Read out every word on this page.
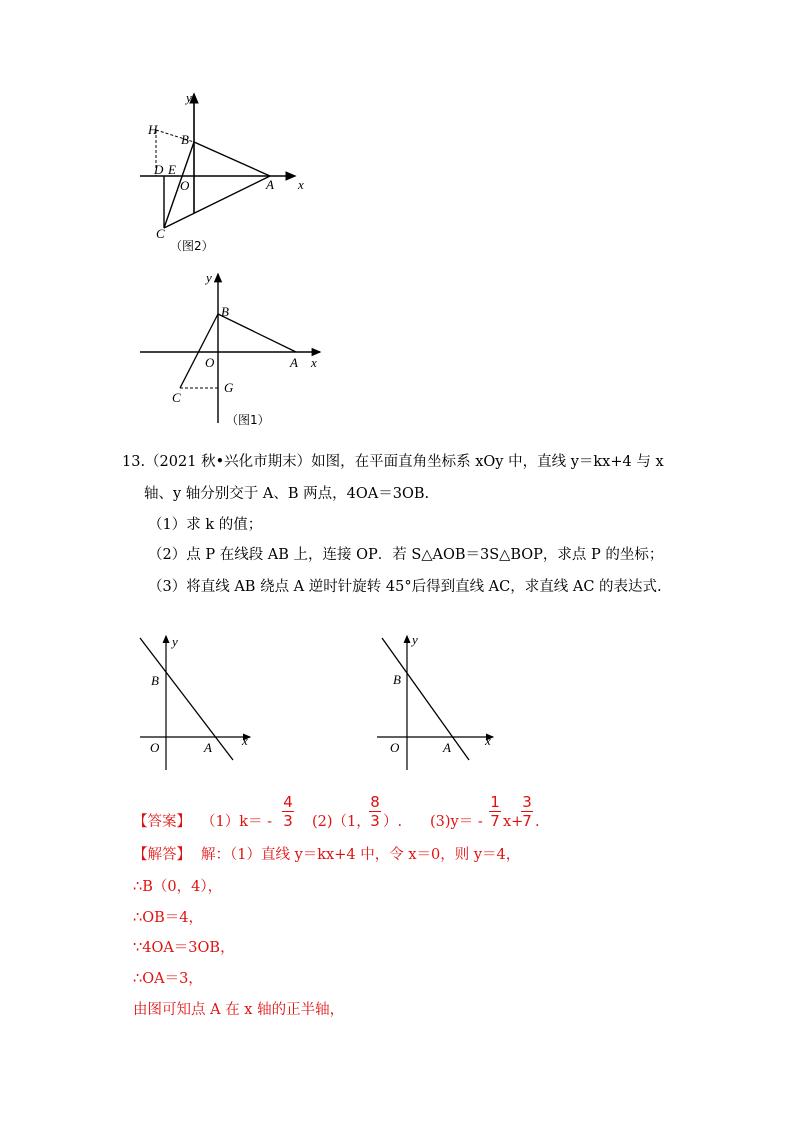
y
x
H
B
D E
O	A
C
（图2）
y
x
B
O	A
C
G
（图1）
13.（2021 秋•兴化市期末）如图，在平面直角坐标系 xOy 中，直线 y＝kx+4 与 x
轴、y 轴分别交于 A、B 两点，4OA＝3OB.
（1）求 k 的值；
（2）点 P 在线段 AB 上，连接 OP．若 S△AOB＝3S△BOP，求点 P 的坐标；
（3）将直线 AB 绕点 A 逆时针旋转 45°后得到直线 AC，求直线 AC 的表达式.
y
x
B
O	A
y
x
B
O	A
【答案】 （1）k＝ -
4
3 (2)（1，
8
3 ）. (3)y＝ -
1
7 x+
3
7 .
【解答】 解：（1）直线 y＝kx+4 中，令 x＝0，则 y＝4，
∴B（0，4），
∴OB＝4，
∵4OA＝3OB，
∴OA＝3，
由图可知点 A 在 x 轴的正半轴，
